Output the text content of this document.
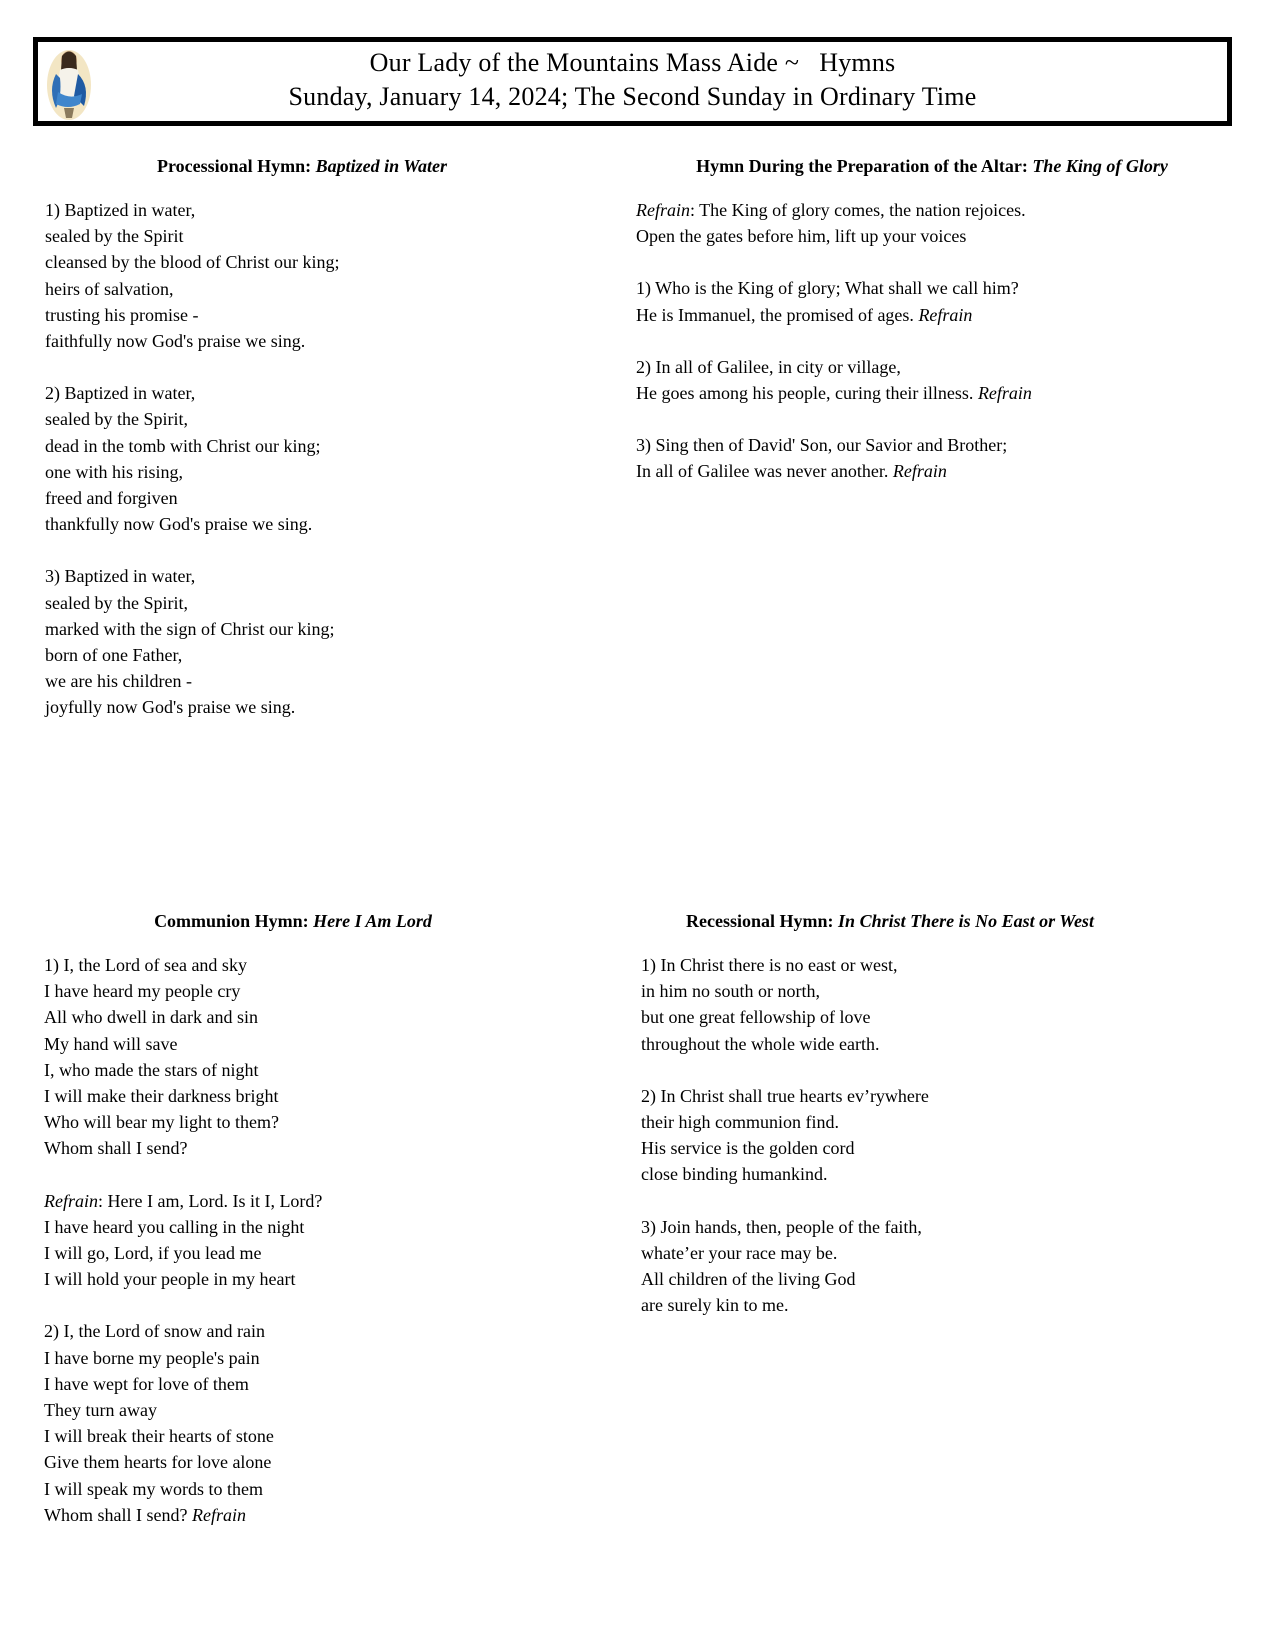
Our Lady of the Mountains Mass Aide ~   Hymns
Sunday, January 14, 2024; The Second Sunday in Ordinary Time
Processional Hymn: Baptized in Water
1) Baptized in water,
sealed by the Spirit
cleansed by the blood of Christ our king;
heirs of salvation,
trusting his promise -
faithfully now God's praise we sing.
2) Baptized in water,
sealed by the Spirit,
dead in the tomb with Christ our king;
one with his rising,
freed and forgiven
thankfully now God's praise we sing.
3) Baptized in water,
sealed by the Spirit,
marked with the sign of Christ our king;
born of one Father,
we are his children -
joyfully now God's praise we sing.
Hymn During the Preparation of the Altar: The King of Glory
Refrain: The King of glory comes, the nation rejoices.
Open the gates before him, lift up your voices
1) Who is the King of glory; What shall we call him?
He is Immanuel, the promised of ages. Refrain
2) In all of Galilee, in city or village,
He goes among his people, curing their illness. Refrain
3) Sing then of David' Son, our Savior and Brother;
In all of Galilee was never another. Refrain
Communion Hymn: Here I Am Lord
1) I, the Lord of sea and sky
I have heard my people cry
All who dwell in dark and sin
My hand will save
I, who made the stars of night
I will make their darkness bright
Who will bear my light to them?
Whom shall I send?
Refrain: Here I am, Lord. Is it I, Lord?
I have heard you calling in the night
I will go, Lord, if you lead me
I will hold your people in my heart
2) I, the Lord of snow and rain
I have borne my people's pain
I have wept for love of them
They turn away
I will break their hearts of stone
Give them hearts for love alone
I will speak my words to them
Whom shall I send? Refrain
Recessional Hymn: In Christ There is No East or West
1) In Christ there is no east or west,
in him no south or north,
but one great fellowship of love
throughout the whole wide earth.
2) In Christ shall true hearts ev’rywhere
their high communion find.
His service is the golden cord
close binding humankind.
3) Join hands, then, people of the faith,
whate’er your race may be.
All children of the living God
are surely kin to me.
